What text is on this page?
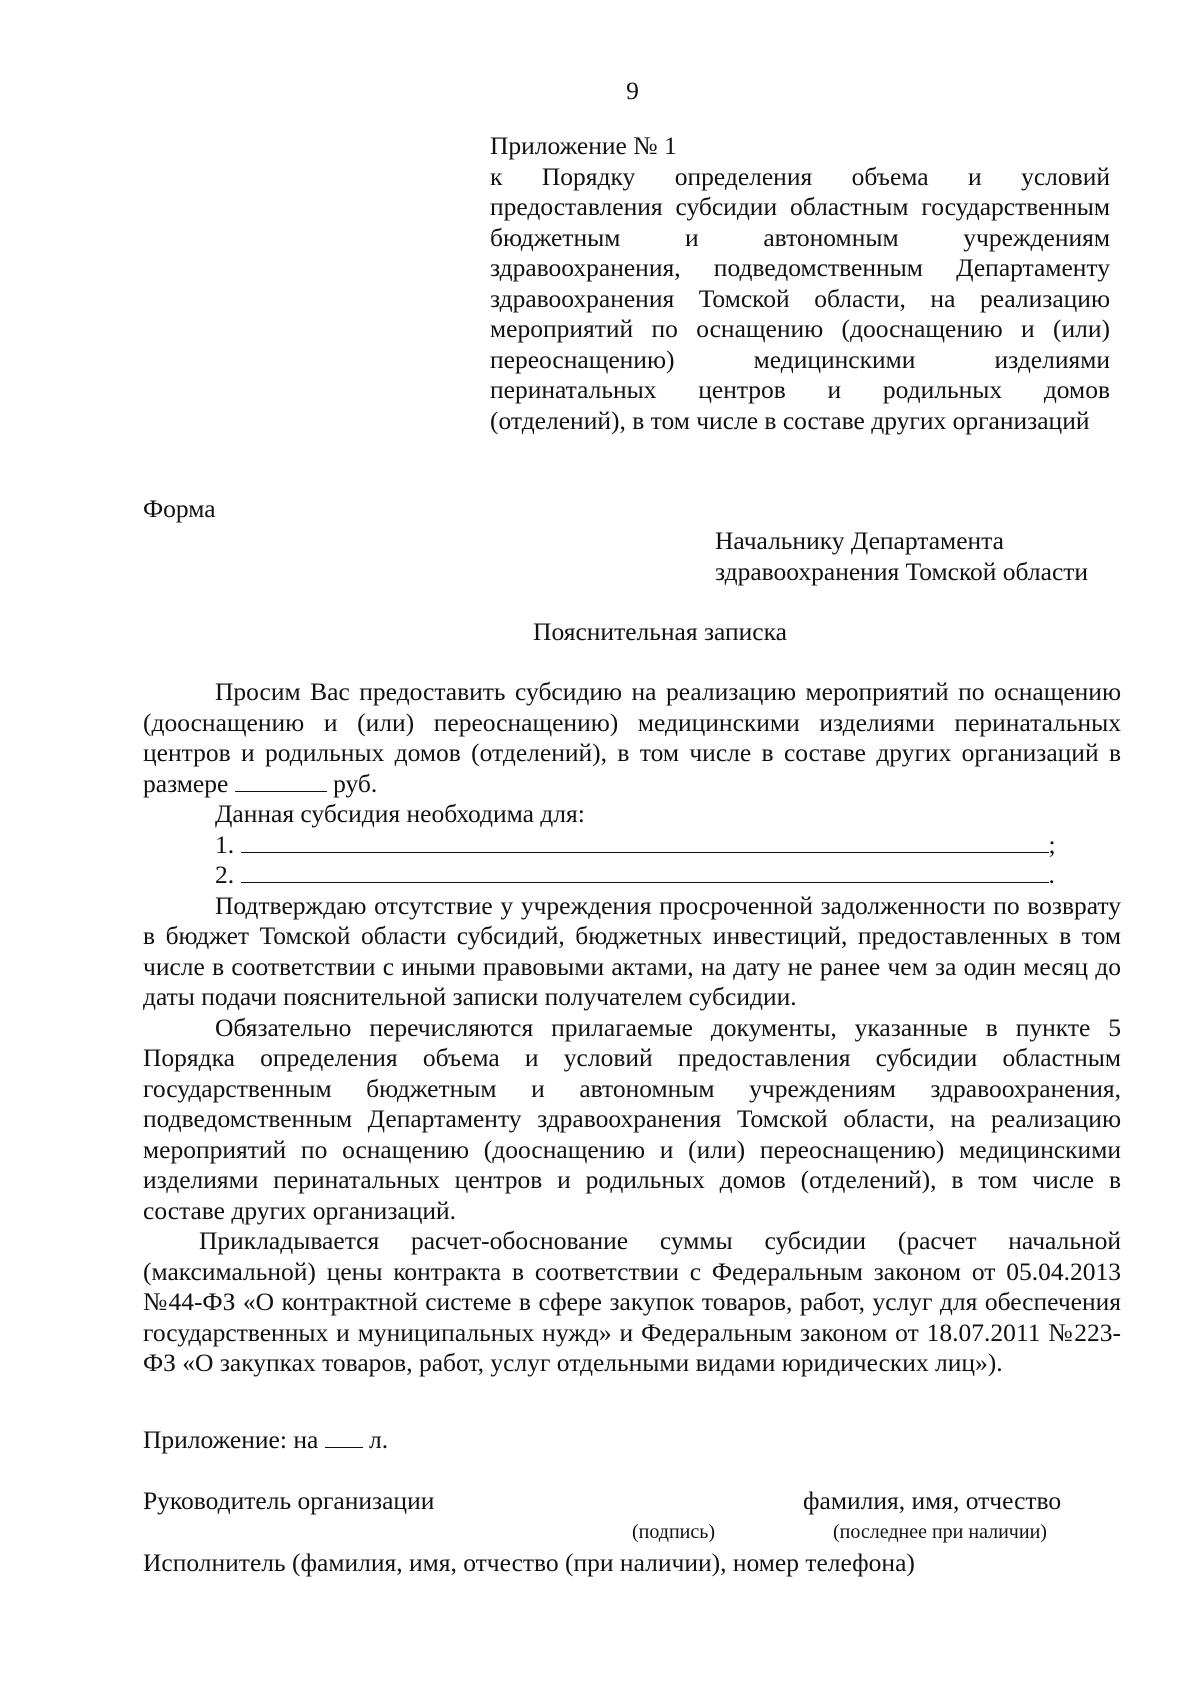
9
Приложение № 1
к Порядку определения объема и условий предоставления субсидии областным государственным бюджетным и автономным учреждениям здравоохранения, подведомственным Департаменту здравоохранения Томской области, на реализацию мероприятий по оснащению (дооснащению и (или) переоснащению) медицинскими изделиями перинатальных центров и родильных домов (отделений), в том числе в составе других организаций
Форма
Начальнику Департамента
здравоохранения Томской области
Пояснительная записка

Просим Вас предоставить субсидию на реализацию мероприятий по оснащению (дооснащению и (или) переоснащению) медицинскими изделиями перинатальных центров и родильных домов (отделений), в том числе в составе других организаций в размере	руб.

Данная субсидия необходима для:

1.	;

2.	.

Подтверждаю отсутствие у учреждения просроченной задолженности по возврату в бюджет Томской области субсидий, бюджетных инвестиций, предоставленных в том числе в соответствии с иными правовыми актами, на дату не ранее чем за один месяц до даты подачи пояснительной записки получателем субсидии.

Обязательно перечисляются прилагаемые документы, указанные в пункте 5 Порядка определения объема и условий предоставления субсидии областным государственным бюджетным и автономным учреждениям здравоохранения, подведомственным Департаменту здравоохранения Томской области, на реализацию мероприятий по оснащению (дооснащению и (или) переоснащению) медицинскими изделиями перинатальных центров и родильных домов (отделений), в том числе в составе других организаций.

Прикладывается расчет-обоснование суммы субсидии (расчет начальной (максимальной) цены контракта в соответствии с Федеральным законом от 05.04.2013 №44-ФЗ «О контрактной системе в сфере закупок товаров, работ, услуг для обеспечения государственных и муниципальных нужд» и Федеральным законом от 18.07.2011 №223-ФЗ «О закупках товаров, работ, услуг отдельными видами юридических лиц»).

Приложение: на л.
Руководитель организации	фамилия, имя, отчество
(подпись)	(последнее при наличии)
Исполнитель (фамилия, имя, отчество (при наличии), номер телефона)
